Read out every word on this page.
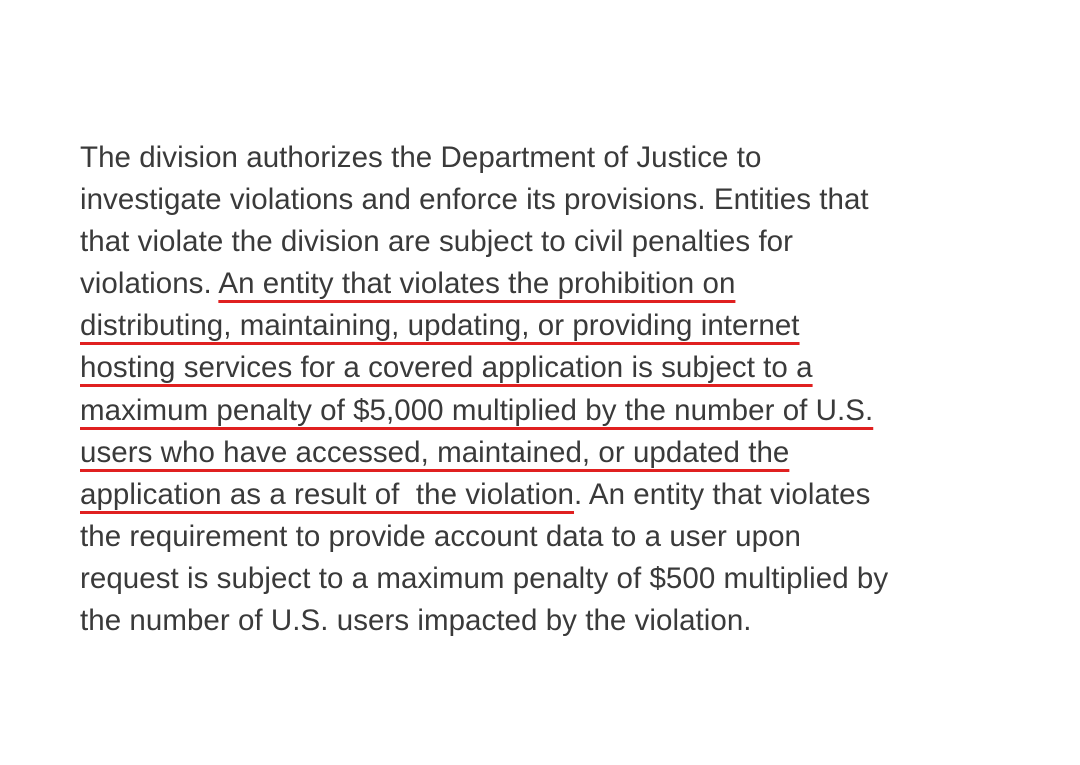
The division authorizes the Department of Justice to
investigate violations and enforce its provisions. Entities that
that violate the division are subject to civil penalties for
violations. An entity that violates the prohibition on
distributing, maintaining, updating, or providing internet
hosting services for a covered application is subject to a
maximum penalty of $5,000 multiplied by the number of U.S.
users who have accessed, maintained, or updated the
application as a result of  the violation. An entity that violates
the requirement to provide account data to a user upon
request is subject to a maximum penalty of $500 multiplied by
the number of U.S. users impacted by the violation.
